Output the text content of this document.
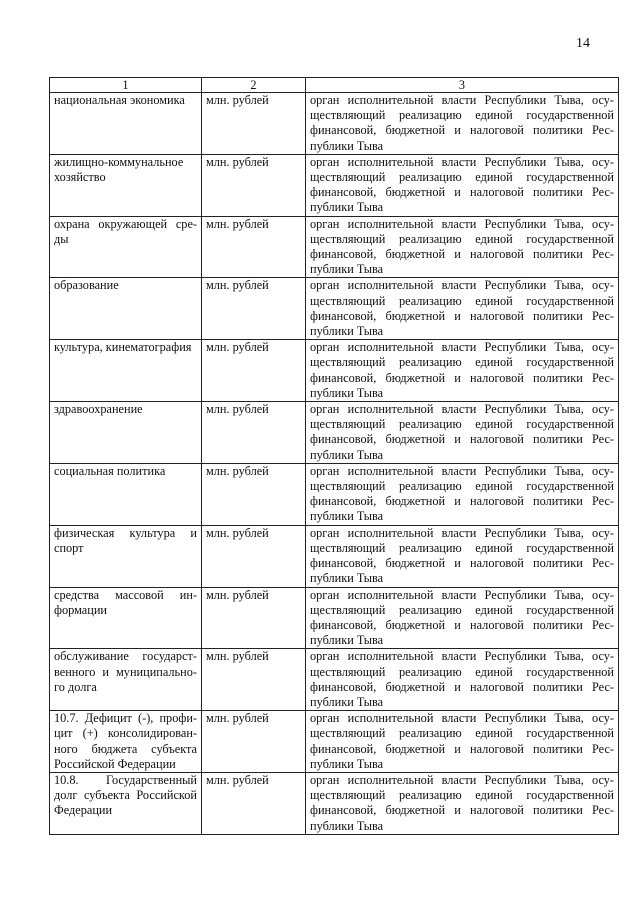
14
1	2	3
национальная экономика	млн. рублей	орган исполнительной власти Республики Тыва, осу-ществляющий реализацию единой государственной финансовой, бюджетной и налоговой политики Рес-публики Тыва
жилищно-коммунальное хозяйство	млн. рублей	орган исполнительной власти Республики Тыва, осу-ществляющий реализацию единой государственной финансовой, бюджетной и налоговой политики Рес-публики Тыва
охрана окружающей сре-ды	млн. рублей	орган исполнительной власти Республики Тыва, осу-ществляющий реализацию единой государственной финансовой, бюджетной и налоговой политики Рес-публики Тыва
образование	млн. рублей	орган исполнительной власти Республики Тыва, осу-ществляющий реализацию единой государственной финансовой, бюджетной и налоговой политики Рес-публики Тыва
культура, кинематография	млн. рублей	орган исполнительной власти Республики Тыва, осу-ществляющий реализацию единой государственной финансовой, бюджетной и налоговой политики Рес-публики Тыва
здравоохранение	млн. рублей	орган исполнительной власти Республики Тыва, осу-ществляющий реализацию единой государственной финансовой, бюджетной и налоговой политики Рес-публики Тыва
социальная политика	млн. рублей	орган исполнительной власти Республики Тыва, осу-ществляющий реализацию единой государственной финансовой, бюджетной и налоговой политики Рес-публики Тыва
физическая культура и спорт	млн. рублей	орган исполнительной власти Республики Тыва, осу-ществляющий реализацию единой государственной финансовой, бюджетной и налоговой политики Рес-публики Тыва
средства массовой ин-формации	млн. рублей	орган исполнительной власти Республики Тыва, осу-ществляющий реализацию единой государственной финансовой, бюджетной и налоговой политики Рес-публики Тыва
обслуживание государст-венного и муниципально-го долга	млн. рублей	орган исполнительной власти Республики Тыва, осу-ществляющий реализацию единой государственной финансовой, бюджетной и налоговой политики Рес-публики Тыва
10.7. Дефицит (-), профи-цит (+) консолидирован-ного бюджета субъекта Российской Федерации	млн. рублей	орган исполнительной власти Республики Тыва, осу-ществляющий реализацию единой государственной финансовой, бюджетной и налоговой политики Рес-публики Тыва
10.8. Государственный долг субъекта Российской Федерации	млн. рублей	орган исполнительной власти Республики Тыва, осу-ществляющий реализацию единой государственной финансовой, бюджетной и налоговой политики Рес-публики Тыва
